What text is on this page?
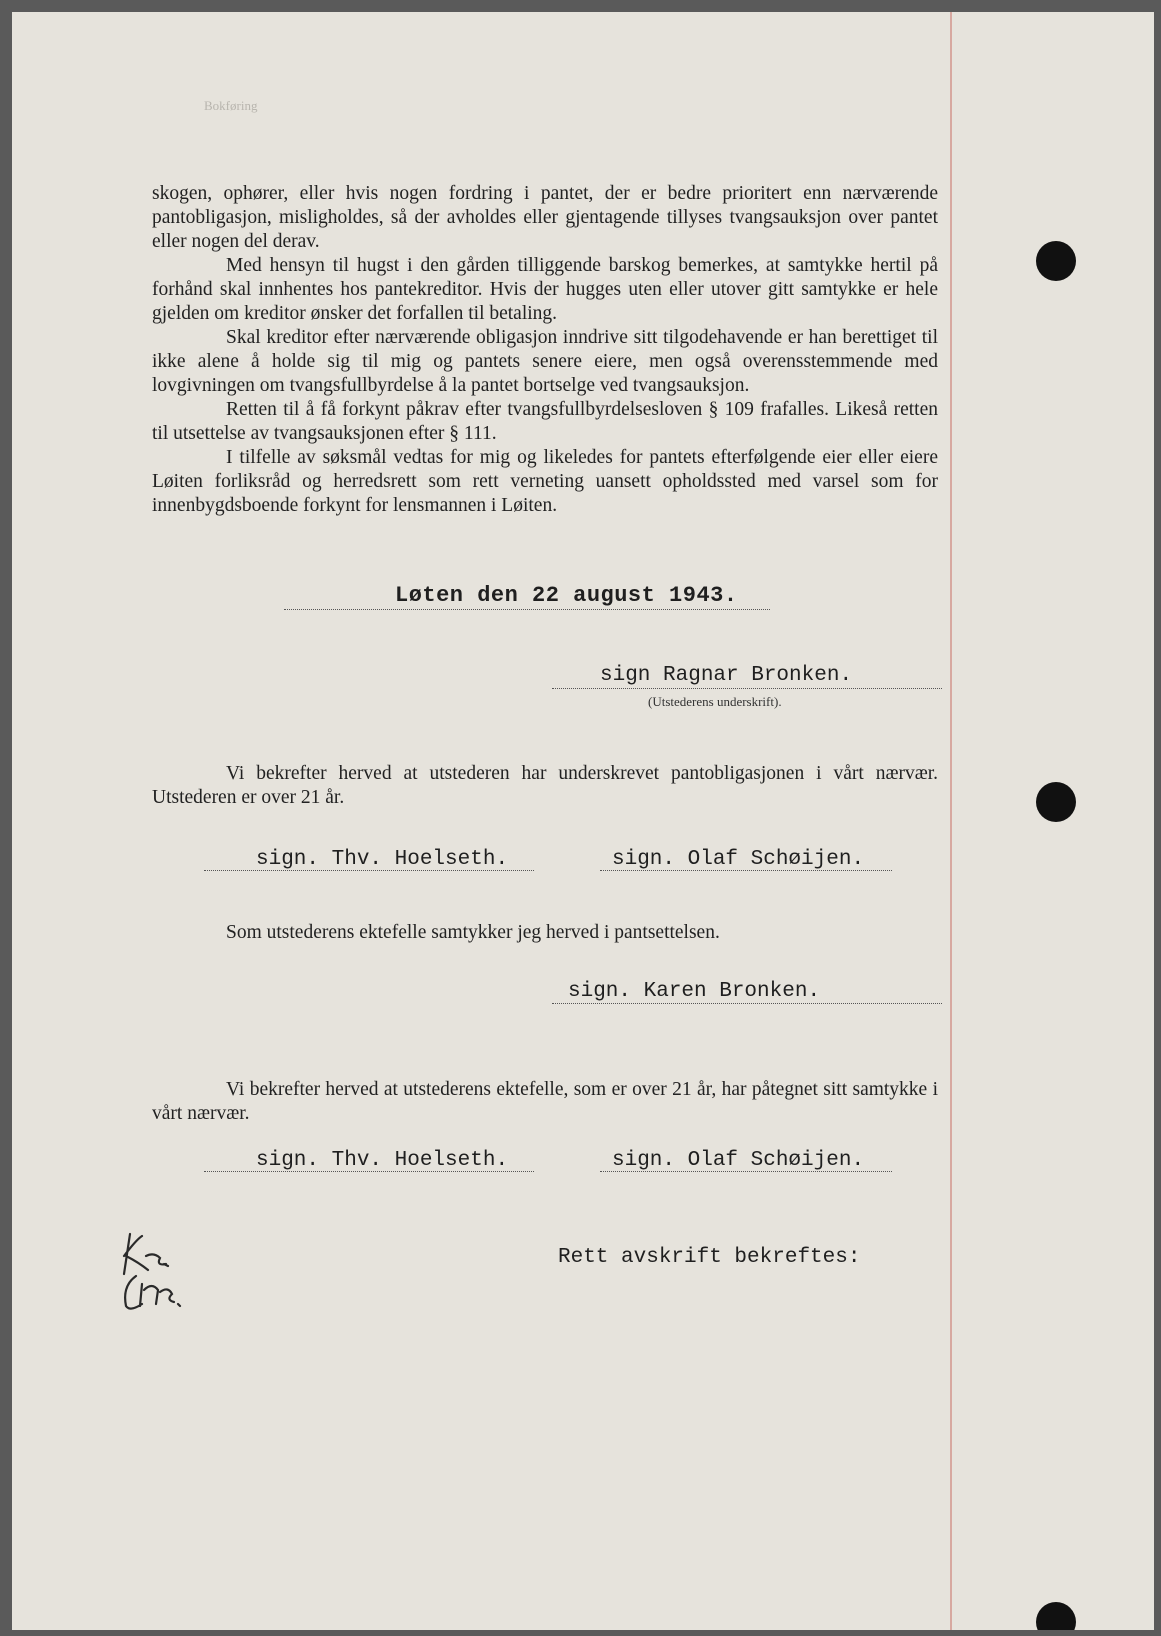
Bokføring

skogen, ophører, eller hvis nogen fordring i pantet, der er bedre prioritert enn nærværende pantobligasjon, misligholdes, så der avholdes eller gjentagende tillyses tvangsauksjon over pantet eller nogen del derav.

Med hensyn til hugst i den gården tilliggende barskog bemerkes, at samtykke hertil på forhånd skal innhentes hos pantekreditor. Hvis der hugges uten eller utover gitt samtykke er hele gjelden om kreditor ønsker det forfallen til betaling.

Skal kreditor efter nærværende obligasjon inndrive sitt tilgodehavende er han berettiget til ikke alene å holde sig til mig og pantets senere eiere, men også overensstemmende med lovgivningen om tvangsfullbyrdelse å la pantet bortselge ved tvangsauksjon.

Retten til å få forkynt påkrav efter tvangsfullbyrdelsesloven § 109 frafalles. Likeså retten til utsettelse av tvangsauksjonen efter § 111.

I tilfelle av søksmål vedtas for mig og likeledes for pantets efterfølgende eier eller eiere Løiten forliksråd og herredsrett som rett verneting uansett opholdssted med varsel som for innenbygdsboende forkynt for lensmannen i Løiten.

Løten den 22 august 1943.
sign Ragnar Bronken.
(Utstederens underskrift).

Vi bekrefter herved at utstederen har underskrevet pantobligasjonen i vårt nærvær. Utstederen er over 21 år.

sign. Thv. Hoelseth.	sign. Olaf Schøijen.
Som utstederens ektefelle samtykker jeg herved i pantsettelsen.
sign. Karen Bronken.

Vi bekrefter herved at utstederens ektefelle, som er over 21 år, har påtegnet sitt samtykke i vårt nærvær.

sign. Thv. Hoelseth.	sign. Olaf Schøijen.
Rett avskrift bekreftes:
